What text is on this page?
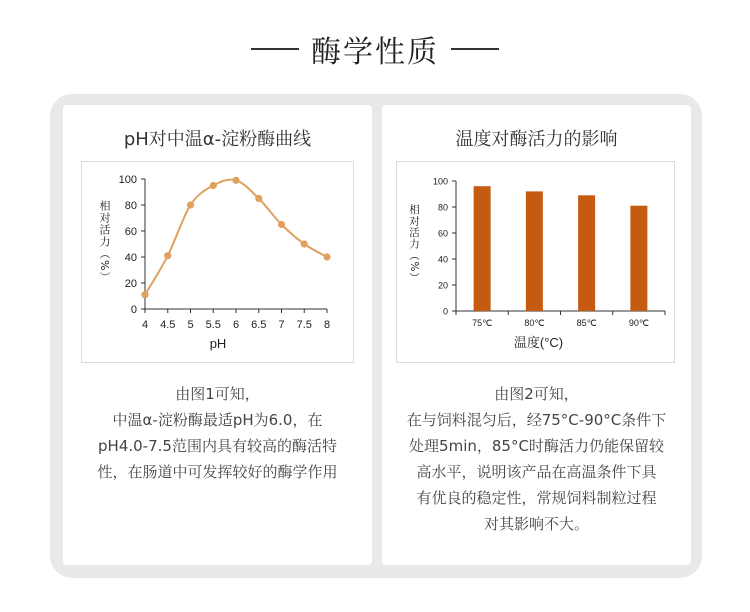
酶学性质
pH对中温α-淀粉酶曲线
相对活力（%）
0
20
40
60
80
100
4 4.5 5 5.5 6 6.5 7 7.5 8
pH
由图1可知，
中温α-淀粉酶最适pH为6.0，在
pH4.0-7.5范围内具有较高的酶活特
性，在肠道中可发挥较好的酶学作用
温度对酶活力的影响
相对活力（%）
0
20
40
60
80
100
75℃	80℃	85℃	90℃
温度(°C)
由图2可知，
在与饲料混匀后，经75°C-90°C条件下
处理5min，85°C时酶活力仍能保留较
高水平，说明该产品在高温条件下具
有优良的稳定性，常规饲料制粒过程
对其影响不大。
